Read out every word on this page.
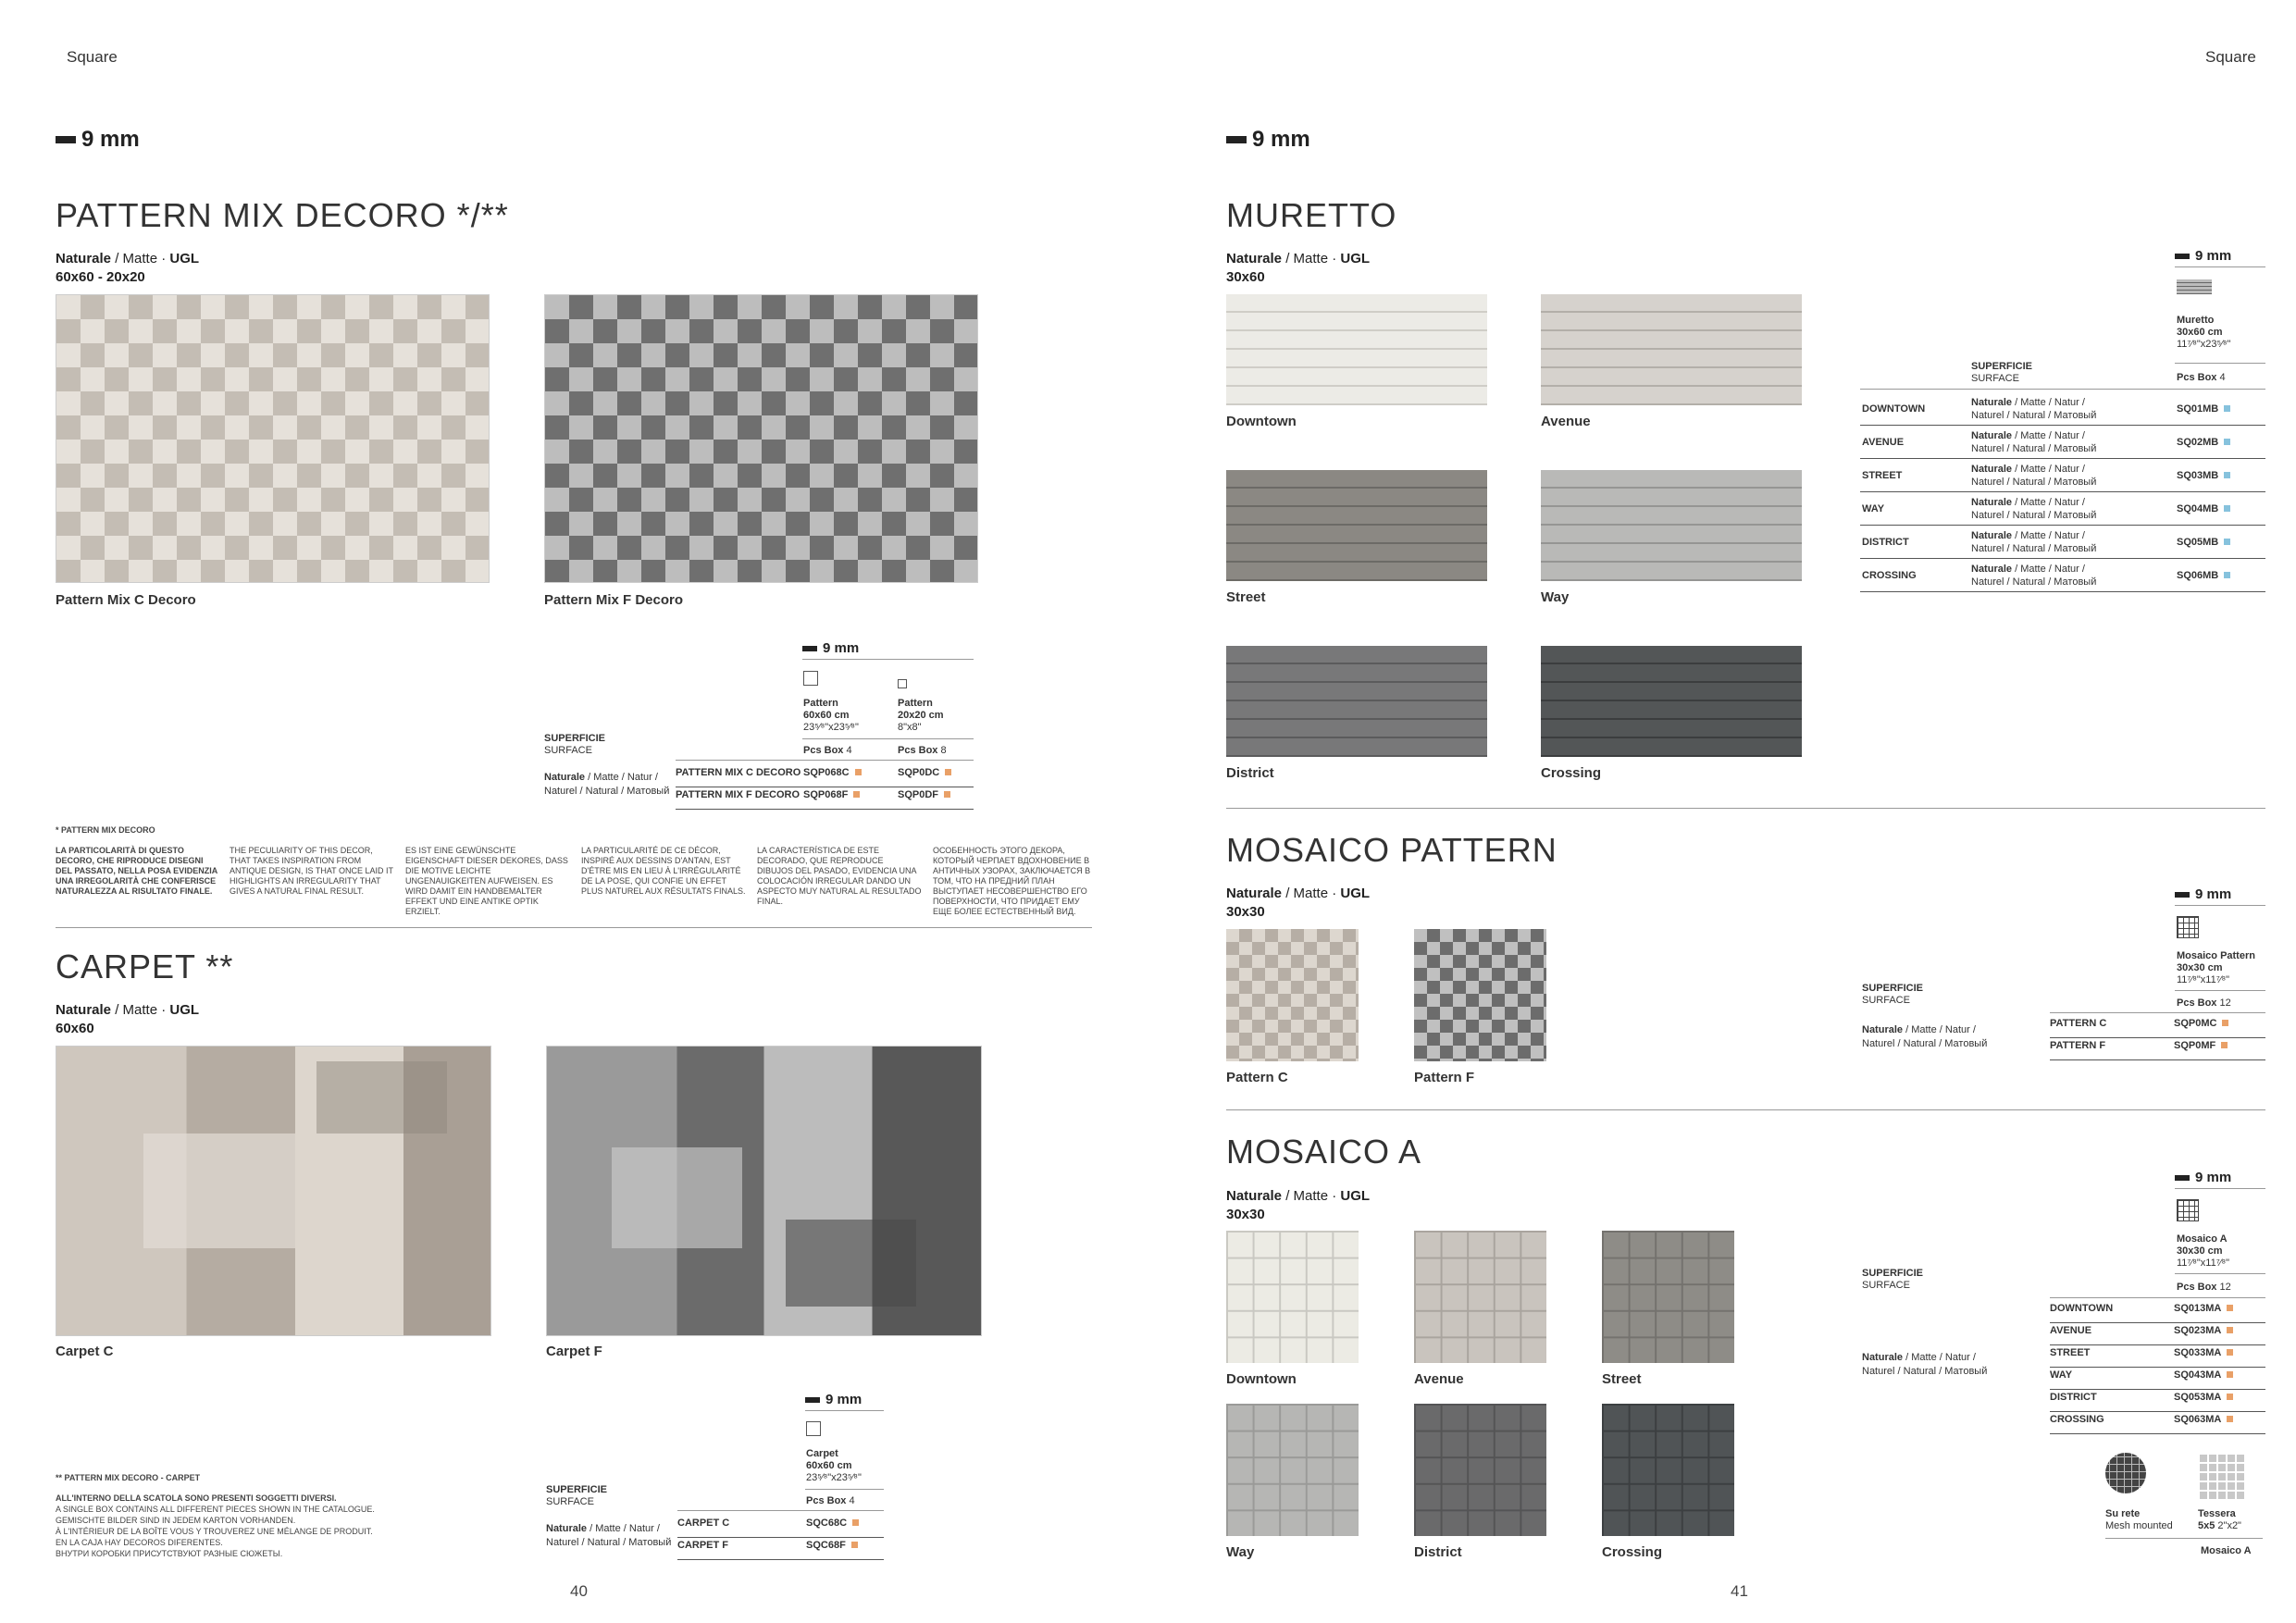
Square	Square
9 mm	9 mm
PATTERN MIX DECORO */**
Naturale / Matte · UGL
60x60 - 20x20
Pattern Mix C Decoro	Pattern Mix F Decoro
9 mm
Pattern
60x60 cm
23⁵⁄⁸"x23⁵⁄⁸"
Pattern
20x20 cm
8"x8"
SUPERFICIE
SURFACE	Pcs Box 4	Pcs Box 8
Naturale / Matte / Natur /
Naturel / Natural / Матовый
PATTERN MIX C DECORO SQP068C	SQP0DC
PATTERN MIX F DECORO SQP068F	SQP0DF
* PATTERN MIX DECORO
LA PARTICOLARITÀ DI QUESTO DECORO, CHE RIPRODUCE DISEGNI DEL PASSATO, NELLA POSA EVIDENZIA UNA IRREGOLARITÀ CHE CONFERISCE NATURALEZZA AL RISULTATO FINALE.
THE PECULIARITY OF THIS DECOR, THAT TAKES INSPIRATION FROM ANTIQUE DESIGN, IS THAT ONCE LAID IT HIGHLIGHTS AN IRREGULARITY THAT GIVES A NATURAL FINAL RESULT.
ES IST EINE GEWÜNSCHTE EIGENSCHAFT DIESER DEKORES, DASS DIE MOTIVE LEICHTE UNGENAUIGKEITEN AUFWEISEN. ES WIRD DAMIT EIN HANDBEMALTER EFFEKT UND EINE ANTIKE OPTIK ERZIELT.
LA PARTICULARITÉ DE CE DÉCOR, INSPIRÉ AUX DESSINS D'ANTAN, EST D'ÉTRE MIS EN LIEU À L'IRRÉGULARITÉ DE LA POSE, QUI CONFIE UN EFFET PLUS NATUREL AUX RÉSULTATS FINALS.
LA CARACTERÍSTICA DE ESTE DECORADO, QUE REPRODUCE DIBUJOS DEL PASADO, EVIDENCIA UNA COLOCACIÓN IRREGULAR DANDO UN ASPECTO MUY NATURAL AL RESULTADO FINAL.
ОСОБЕННОСТЬ ЭТОГО ДЕКОРА, КОТОРЫЙ ЧЕРПАЕТ ВДОХНОВЕНИЕ В АНТИЧНЫХ УЗОРАХ, ЗАКЛЮЧАЕТСЯ В ТОМ, ЧТО НА ПРЕДНИЙ ПЛАН ВЫСТУПАЕТ НЕСОВЕРШЕНСТВО ЕГО ПОВЕРХНОСТИ, ЧТО ПРИДАЕТ ЕМУ ЕЩЕ БОЛЕЕ ЕСТЕСТВЕННЫЙ ВИД.
CARPET **
Naturale / Matte · UGL
60x60
Carpet C	Carpet F
9 mm
Carpet
60x60 cm
23⁵⁄⁸"x23⁵⁄⁸"
SUPERFICIE
SURFACE	Pcs Box 4
Naturale / Matte / Natur /
Naturel / Natural / Матовый
CARPET C	SQC68C
CARPET F	SQC68F
** PATTERN MIX DECORO - CARPET
ALL'INTERNO DELLA SCATOLA SONO PRESENTI SOGGETTI DIVERSI.
A SINGLE BOX CONTAINS ALL DIFFERENT PIECES SHOWN IN THE CATALOGUE.
GEMISCHTE BILDER SIND IN JEDEM KARTON VORHANDEN.
À L'INTÉRIEUR DE LA BOÎTE VOUS Y TROUVEREZ UNE MÉLANGE DE PRODUIT.
EN LA CAJA HAY DECOROS DIFERENTES.
ВНУТРИ КОРОБКИ ПРИСУТСТВУЮТ РАЗНЫЕ СЮЖЕТЫ.
40
MURETTO
Naturale / Matte · UGL
30x60
Downtown	Avenue
Street	Way
District	Crossing
9 mm
Muretto
30x60 cm
11⁷⁄⁸"x23⁵⁄⁸"
SUPERFICIE
SURFACE	Pcs Box 4
DOWNTOWN
Naturale / Matte / Natur /
Naturel / Natural / Матовый
SQ01MB
AVENUE
Naturale / Matte / Natur /
Naturel / Natural / Матовый
SQ02MB
STREET
Naturale / Matte / Natur /
Naturel / Natural / Матовый
SQ03MB
WAY
Naturale / Matte / Natur /
Naturel / Natural / Матовый
SQ04MB
DISTRICT
Naturale / Matte / Natur /
Naturel / Natural / Матовый
SQ05MB
CROSSING
Naturale / Matte / Natur /
Naturel / Natural / Матовый
SQ06MB
MOSAICO PATTERN
Naturale / Matte · UGL
30x30
Pattern C	Pattern F
9 mm
Mosaico Pattern
30x30 cm
11⁷⁄⁸"x11⁷⁄⁸"
SUPERFICIE
SURFACE	Pcs Box 12
Naturale / Matte / Natur /
Naturel / Natural / Матовый
PATTERN C	SQP0MC
PATTERN F	SQP0MF
MOSAICO A
Naturale / Matte · UGL
30x30
Downtown	Avenue	Street
Way	District	Crossing
9 mm
Mosaico A
30x30 cm
11⁷⁄⁸"x11⁷⁄⁸"
SUPERFICIE
SURFACE	Pcs Box 12
Naturale / Matte / Natur /
Naturel / Natural / Матовый
DOWNTOWN	SQ013MA
AVENUE	SQ023MA
STREET	SQ033MA
WAY	SQ043MA
DISTRICT	SQ053MA
CROSSING	SQ063MA
Su rete
Mesh mounted
Tessera
5x5 2"x2"
Mosaico A
41
